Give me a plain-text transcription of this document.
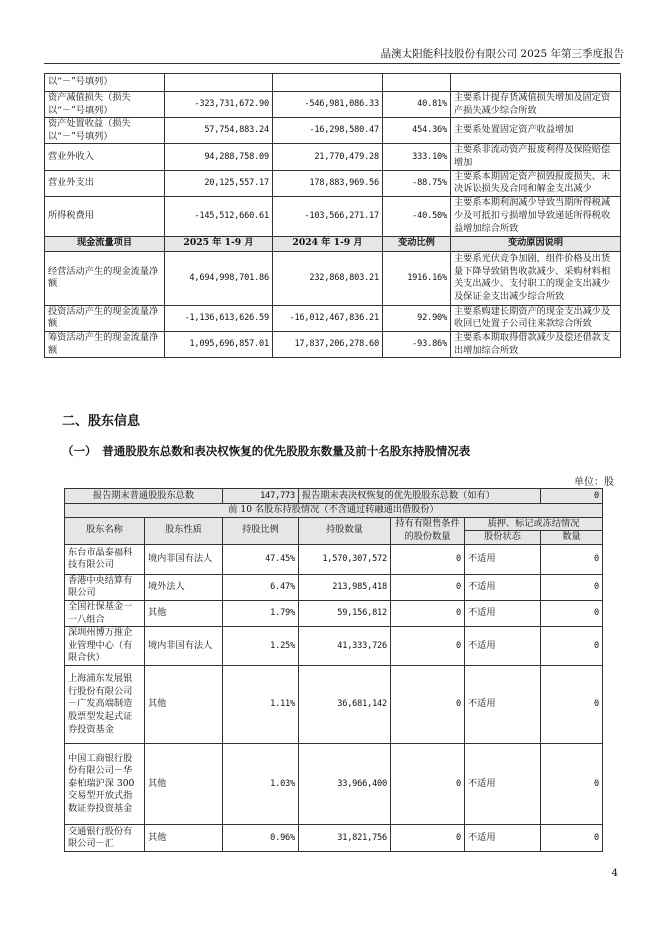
晶澳太阳能科技股份有限公司 2025 年第三季度报告
以“－”号填列）				
资产减值损失（损失以“－”号填列）	-323,731,672.90	-546,981,086.33	40.81%	主要系计提存货减值损失增加及固定资产损失减少综合所致
资产处置收益（损失以“－”号填列）	57,754,883.24	-16,298,580.47	454.36%	主要系处置固定资产收益增加
营业外收入	94,288,758.09	21,770,479.28	333.10%	主要系非流动资产报废利得及保险赔偿增加
营业外支出	20,125,557.17	178,883,969.56	-88.75%	主要系本期固定资产损毁报废损失、未决诉讼损失及合同和解金支出减少
所得税费用	-145,512,660.61	-103,566,271.17	-40.50%	主要系本期利润减少导致当期所得税减少及可抵扣亏损增加导致递延所得税收益增加综合所致
现金流量项目	2025 年 1-9 月	2024 年 1-9 月	变动比例	变动原因说明
经营活动产生的现金流量净额	4,694,998,701.86	232,868,803.21	1916.16%	主要系光伏竞争加剧，组件价格及出货量下降导致销售收款减少、采购材料相关支出减少、支付职工的现金支出减少及保证金支出减少综合所致
投资活动产生的现金流量净额	-1,136,613,626.59	-16,012,467,836.21	92.90%	主要系购建长期资产的现金支出减少及收回已处置子公司往来款综合所致
筹资活动产生的现金流量净额	1,095,696,857.01	17,837,206,278.60	-93.86%	主要系本期取得借款减少及偿还借款支出增加综合所致
二、股东信息
（一）　普通股股东总数和表决权恢复的优先股股东数量及前十名股东持股情况表
单位：股
报告期末普通股股东总数		147,773	报告期末表决权恢复的优先股股东总数（如有）			0
前 10 名股东持股情况（不含通过转融通出借股份）						
股东名称	股东性质	持股比例	持股数量	持有有限售条件的股份数量	质押、标记或冻结情况	
					股份状态	数量
东台市晶泰福科技有限公司	境内非国有法人	47.45%	1,570,307,572	0	不适用	0
香港中央结算有限公司	境外法人	6.47%	213,985,418	0	不适用	0
全国社保基金一一八组合	其他	1.79%	59,156,812	0	不适用	0
深圳州博万推企业管理中心（有限合伙）	境内非国有法人	1.25%	41,333,726	0	不适用	0
上海浦东发展银行股份有限公司－广发高端制造股票型发起式证券投资基金	其他	1.11%	36,681,142	0	不适用	0
中国工商银行股份有限公司－华泰柏瑞沪深 300 交易型开放式指数证券投资基金	其他	1.03%	33,966,400	0	不适用	0
交通银行股份有限公司－汇	其他	0.96%	31,821,756	0	不适用	0
4
